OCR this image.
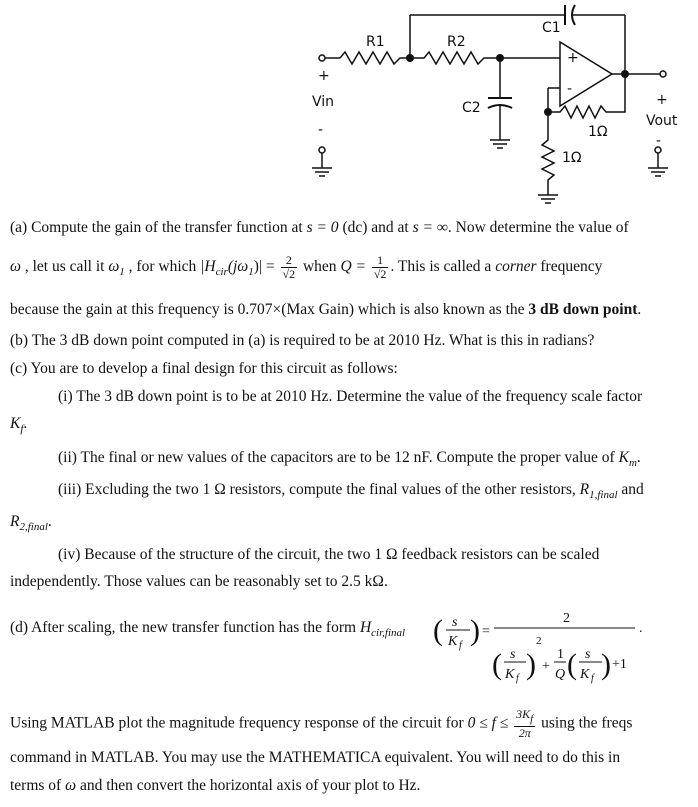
R1	R2
C1
C2
+
Vin
-
+
-
+
Vout
-
1Ω
1Ω
(a) Compute the gain of the transfer function at s = 0 (dc) and at s = ∞. Now determine the value of
ω , let us call it $\omega_1$ , for which $|H_{cir}(j\omega_1)| = \frac{2}{√2}$ when $Q = \frac{1}{√2}$ . This is called a corner frequency
because the gain at this frequency is 0.707×(Max Gain) which is also known as the 3 dB down point.
(b) The 3 dB down point computed in (a) is required to be at 2010 Hz. What is this in radians?
(c) You are to develop a final design for this circuit as follows:
(i) The 3 dB down point is to be at 2010 Hz. Determine the value of the frequency scale factor
$K_f$.
(ii) The final or new values of the capacitors are to be 12 nF. Compute the proper value of $K_m$.
(iii) Excluding the two 1 Ω resistors, compute the final values of the other resistors, $R_{1,final}$ and
$R_{2,final}$.
(iv) Because of the structure of the circuit, the two 1 Ω feedback resistors can be scaled
independently. Those values can be reasonably set to 2.5 kΩ.
(d) After scaling, the new transfer function has the form $H_{cir,final}$ ( s
K f ) =
2
( s
K f )
2
+
1
Q ( s
K f ) +1
.
Using MATLAB plot the magnitude frequency response of the circuit for $0 \le f \le \frac{3Kf}{2\pi}$ using the freqs
command in MATLAB. You may use the MATHEMATICA equivalent. You will need to do this in
terms of ω and then convert the horizontal axis of your plot to Hz.
